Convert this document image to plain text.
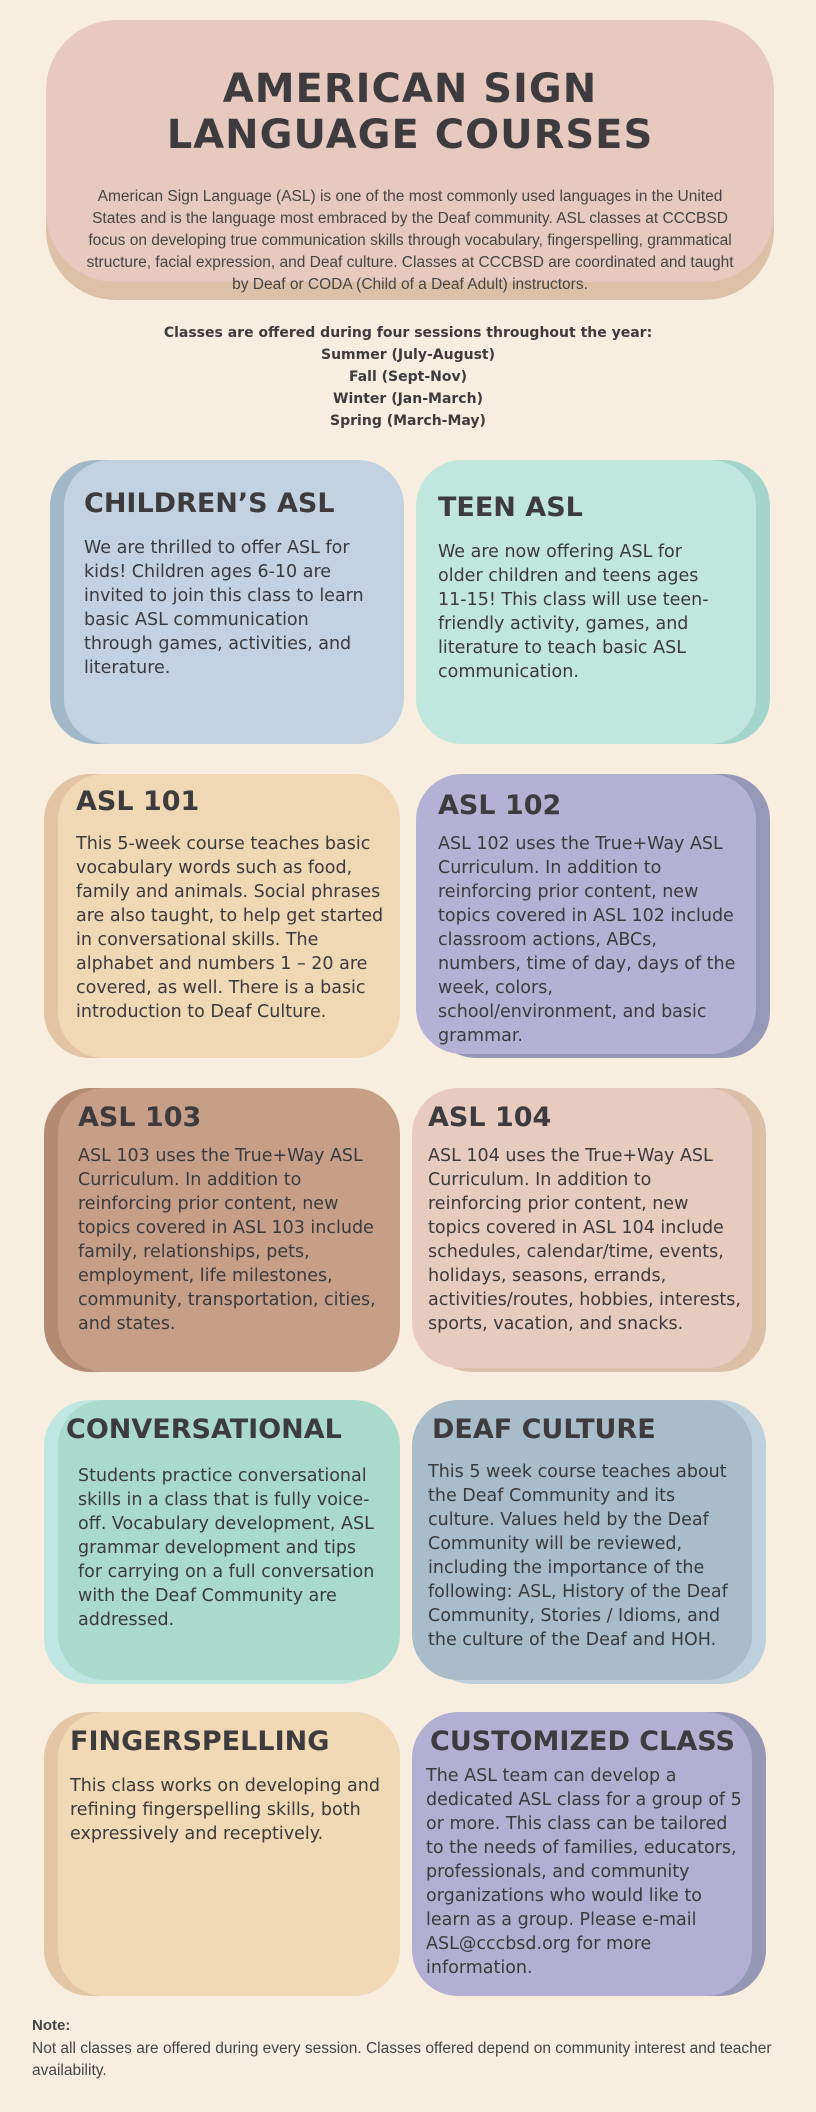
AMERICAN SIGN LANGUAGE COURSES

American Sign Language (ASL) is one of the most commonly used languages in the United States and is the language most embraced by the Deaf community. ASL classes at CCCBSD focus on developing true communication skills through vocabulary, fingerspelling, grammatical structure, facial expression, and Deaf culture. Classes at CCCBSD are coordinated and taught by Deaf or CODA (Child of a Deaf Adult) instructors.

Classes are offered during four sessions throughout the year:
Summer (July-August)
Fall (Sept-Nov)
Winter (Jan-March)
Spring (March-May)
CHILDREN’S ASL
We are thrilled to offer ASL for kids! Children ages 6-10 are invited to join this class to learn basic ASL communication through games, activities, and literature.
TEEN ASL
We are now offering ASL for older children and teens ages 11-15! This class will use teen-friendly activity, games, and literature to teach basic ASL communication.
ASL 101
This 5-week course teaches basic vocabulary words such as food, family and animals. Social phrases are also taught, to help get started in conversational skills. The alphabet and numbers 1 – 20 are covered, as well. There is a basic introduction to Deaf Culture.
ASL 102
ASL 102 uses the True+Way ASL Curriculum. In addition to reinforcing prior content, new topics covered in ASL 102 include classroom actions, ABCs, numbers, time of day, days of the week, colors, school/environment, and basic grammar.
ASL 103
ASL 103 uses the True+Way ASL Curriculum. In addition to reinforcing prior content, new topics covered in ASL 103 include family, relationships, pets, employment, life milestones, community, transportation, cities, and states.
ASL 104
ASL 104 uses the True+Way ASL Curriculum. In addition to reinforcing prior content, new topics covered in ASL 104 include schedules, calendar/time, events, holidays, seasons, errands, activities/routes, hobbies, interests, sports, vacation, and snacks.
CONVERSATIONAL
Students practice conversational skills in a class that is fully voice-off. Vocabulary development, ASL grammar development and tips for carrying on a full conversation with the Deaf Community are addressed.
DEAF CULTURE
This 5 week course teaches about the Deaf Community and its culture. Values held by the Deaf Community will be reviewed, including the importance of the following: ASL, History of the Deaf Community, Stories / Idioms, and the culture of the Deaf and HOH.
FINGERSPELLING
This class works on developing and refining fingerspelling skills, both expressively and receptively.
CUSTOMIZED CLASS
The ASL team can develop a dedicated ASL class for a group of 5 or more. This class can be tailored to the needs of families, educators, professionals, and community organizations who would like to learn as a group. Please e-mail ASL@cccbsd.org for more information.
Note:
Not all classes are offered during every session. Classes offered depend on community interest and teacher availability.
